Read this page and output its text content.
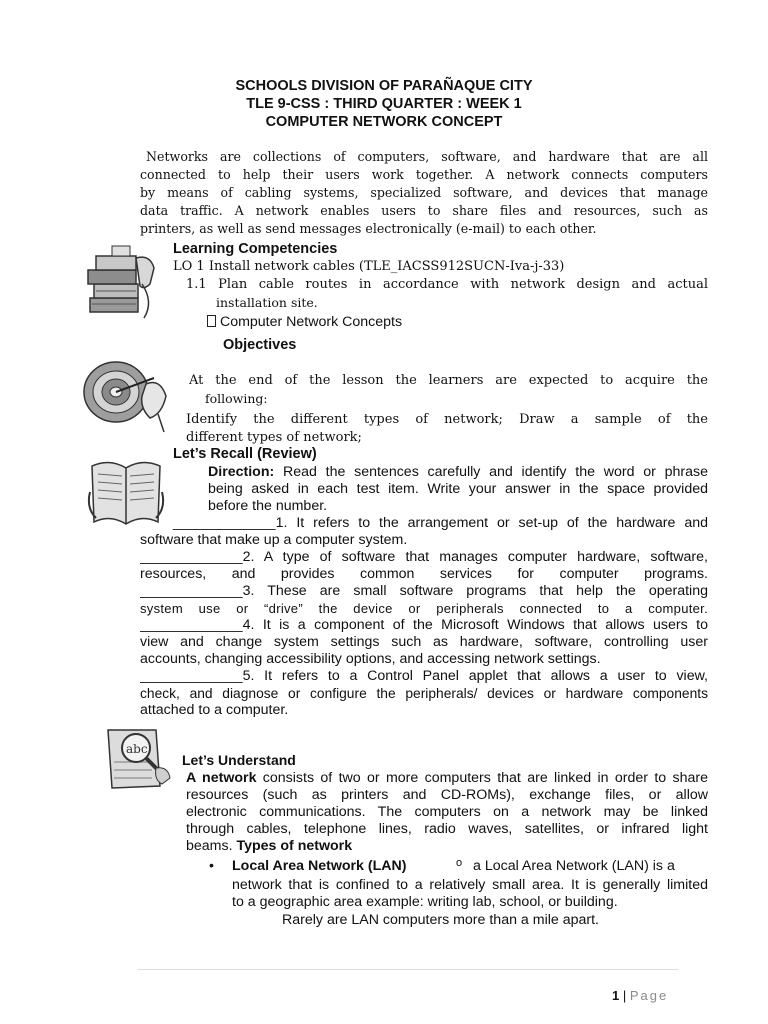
SCHOOLS DIVISION OF PARAÑAQUE CITY
TLE 9-CSS : THIRD QUARTER : WEEK 1
COMPUTER NETWORK CONCEPT
Networks are collections of computers, software, and hardware that are all
connected to help their users work together. A network connects computers
by means of cabling systems, specialized software, and devices that manage
data traffic. A network enables users to share files and resources, such as
printers, as well as send messages electronically (e-mail) to each other.
Learning Competencies
LO 1 Install network cables (TLE_IACSS912SUCN-Iva-j-33)
1.1 Plan cable routes in accordance with network design and actual
installation site.
Computer Network Concepts
Objectives
At the end of the lesson the learners are expected to acquire the
following:
Identify the different types of network; Draw a sample of the
different types of network;
Let’s Recall (Review)
Direction: Read the sentences carefully and identify the word or phrase
being asked in each test item. Write your answer in the space provided
before the number.
_____________1. It refers to the arrangement or set-up of the hardware and
software that make up a computer system.
_____________2. A type of software that manages computer hardware, software,
resources, and provides common services for computer programs.
_____________3. These are small software programs that help the operating
system use or “drive” the device or peripherals connected to a computer.
_____________4. It is a component of the Microsoft Windows that allows users to
view and change system settings such as hardware, software, controlling user
accounts, changing accessibility options, and accessing network settings.
_____________5. It refers to a Control Panel applet that allows a user to view,
check, and diagnose or configure the peripherals/ devices or hardware components
attached to a computer.
abc
Let’s Understand
A network consists of two or more computers that are linked in order to share
resources (such as printers and CD-ROMs), exchange files, or allow
electronic communications. The computers on a network may be linked
through cables, telephone lines, radio waves, satellites, or infrared light
beams. Types of network
• Local Area Network (LAN)	o a Local Area Network (LAN) is a
network that is confined to a relatively small area. It is generally limited
to a geographic area example: writing lab, school, or building.
Rarely are LAN computers more than a mile apart.
1 | Page
